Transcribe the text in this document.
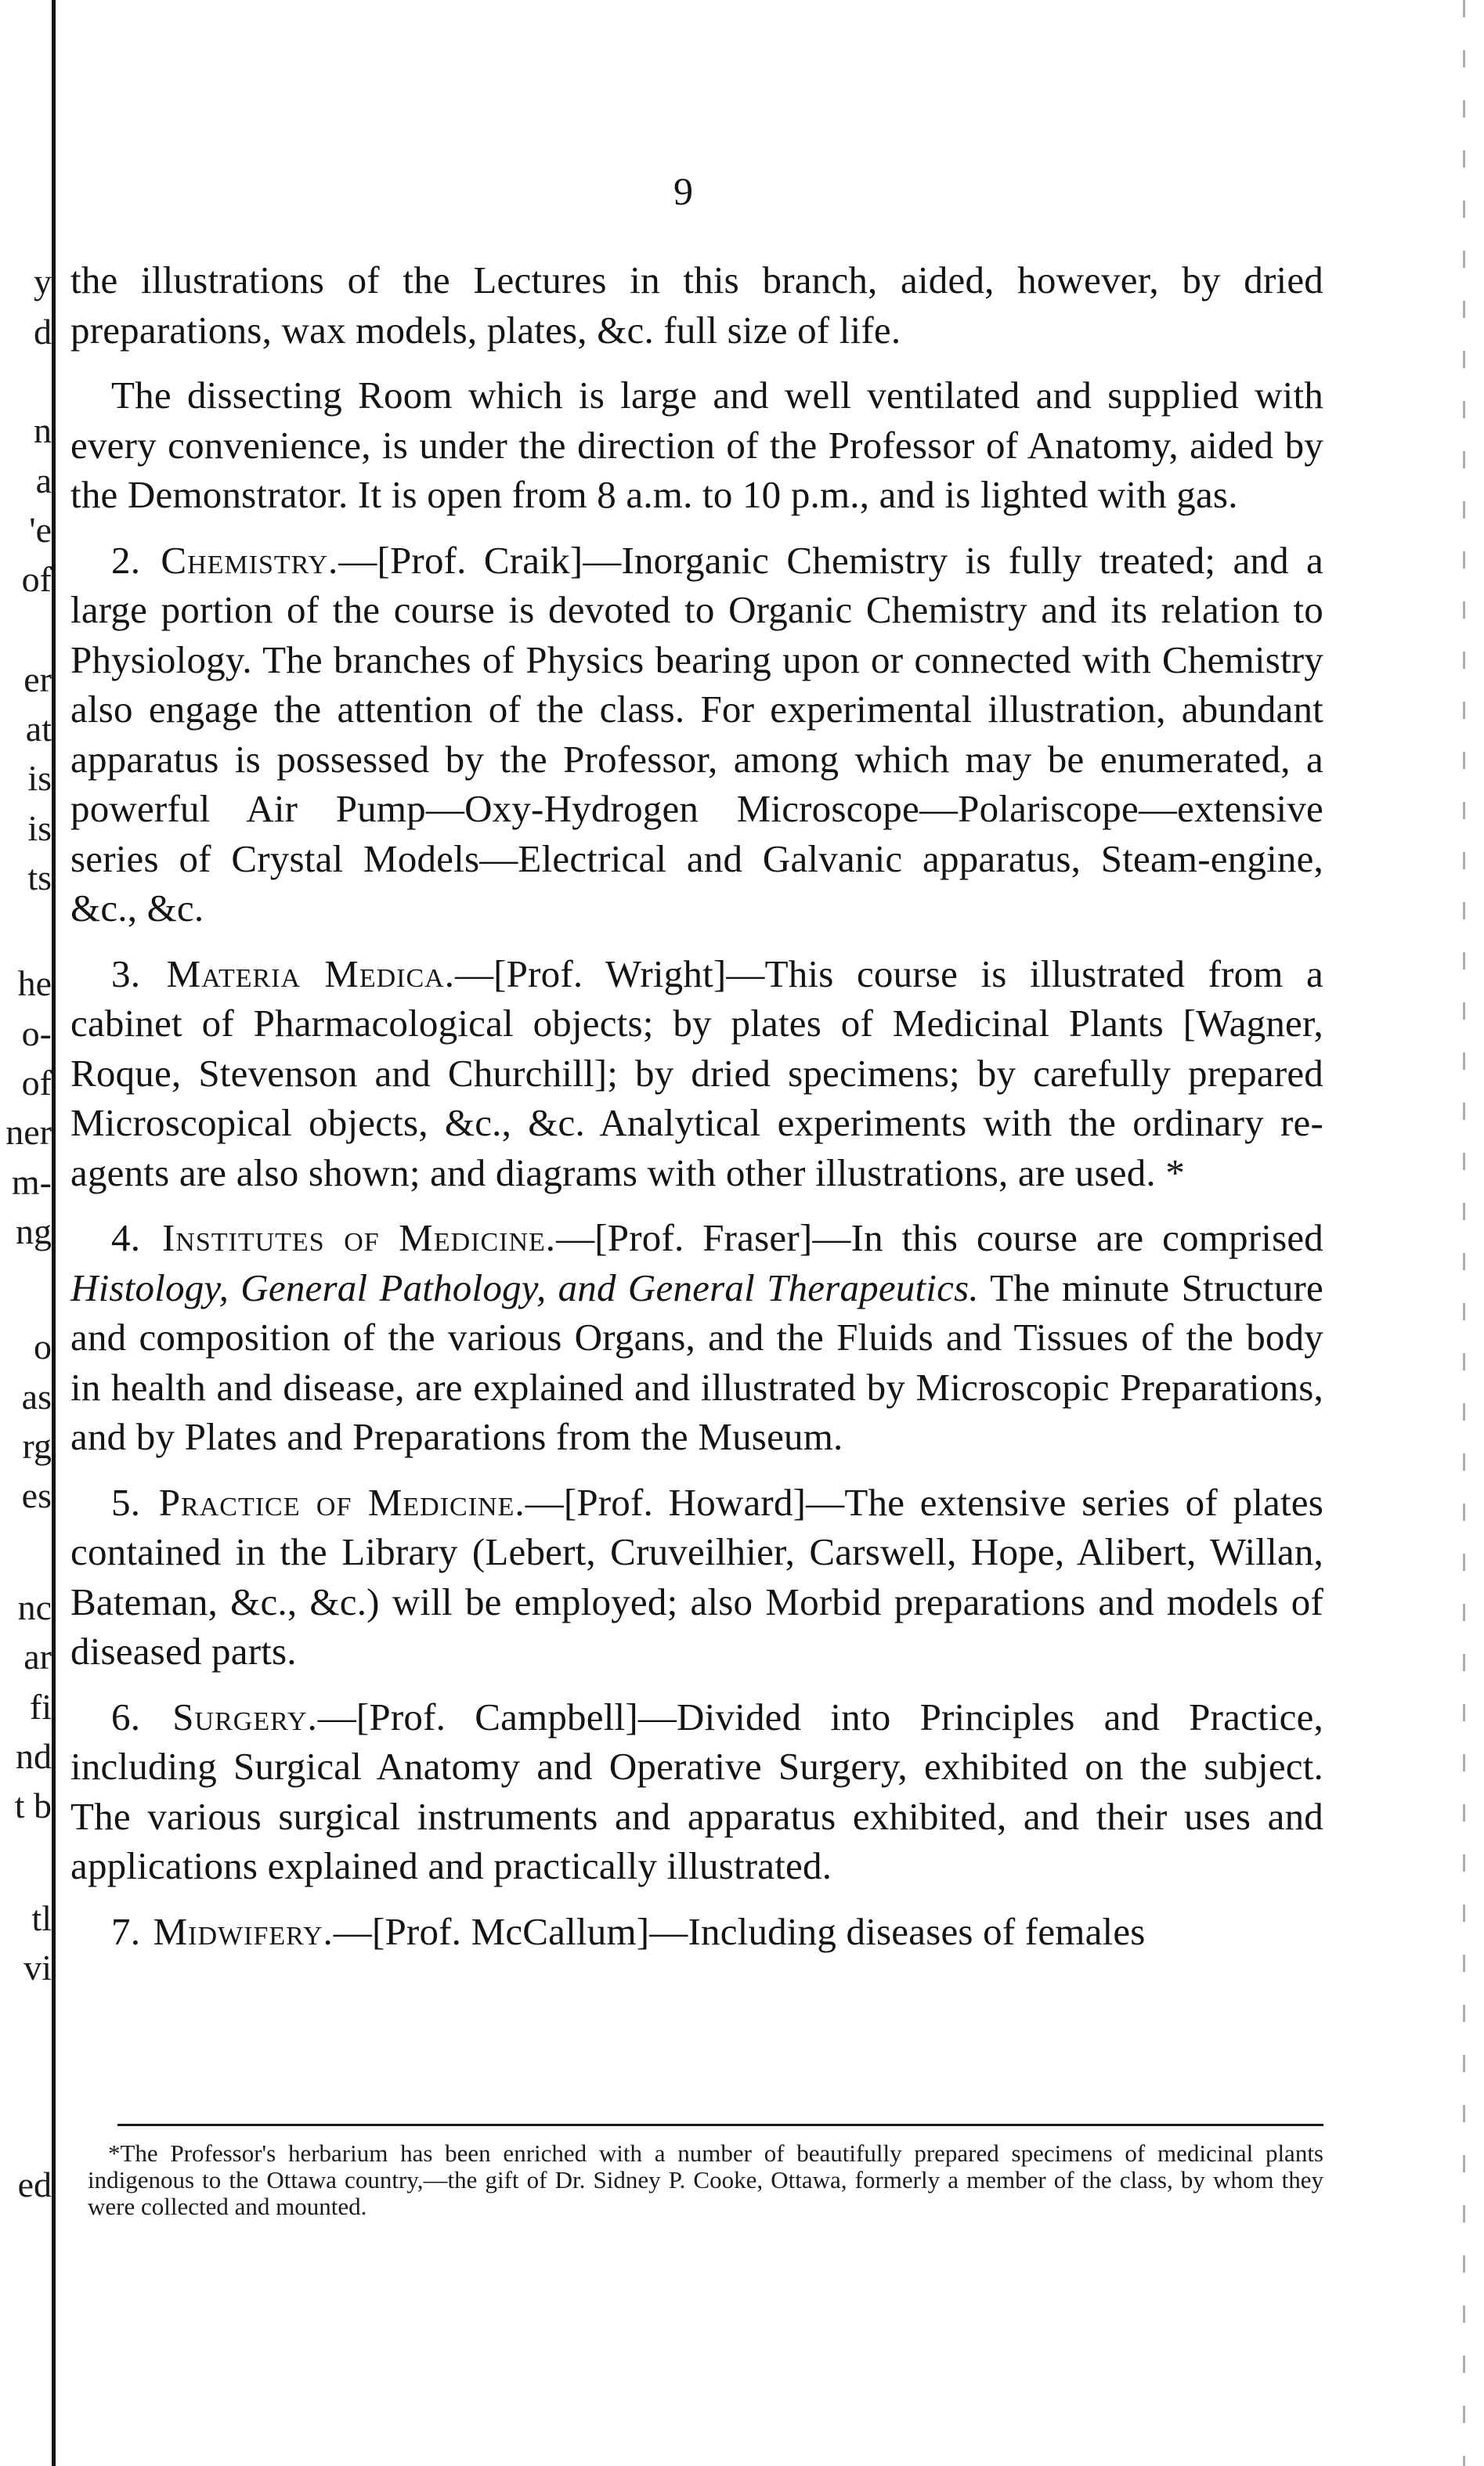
y
d
n
a
'e
of
er
at
is
is
ts
he
o-
of
ner
m-
ng
o
as
rg
es
nc
ar
fi
nd
t b
tl
vi
ed
9

the illustrations of the Lectures in this branch, aided, however, by dried preparations, wax models, plates, &c. full size of life.

The dissecting Room which is large and well ventilated and supplied with every convenience, is under the direction of the Professor of Anatomy, aided by the Demonstrator. It is open from 8 a.m. to 10 p.m., and is lighted with gas.

2. Chemistry.—[Prof. Craik]—Inorganic Chemistry is fully treated; and a large portion of the course is devoted to Organic Chemistry and its relation to Physiology. The branches of Physics bearing upon or connected with Chemistry also engage the attention of the class. For experimental illustration, abundant apparatus is possessed by the Professor, among which may be enumerated, a powerful Air Pump—Oxy-Hydrogen Microscope—Polariscope—extensive series of Crystal Models—Electrical and Galvanic apparatus, Steam-engine, &c., &c.

3. Materia Medica.—[Prof. Wright]—This course is illustrated from a cabinet of Pharmacological objects; by plates of Medicinal Plants [Wagner, Roque, Stevenson and Churchill]; by dried specimens; by carefully prepared Microscopical objects, &c., &c. Analytical experiments with the ordinary re-agents are also shown; and diagrams with other illustrations, are used. *

4. Institutes of Medicine.—[Prof. Fraser]—In this course are comprised Histology, General Pathology, and General Therapeutics. The minute Structure and composition of the various Organs, and the Fluids and Tissues of the body in health and disease, are explained and illustrated by Microscopic Preparations, and by Plates and Preparations from the Museum.

5. Practice of Medicine.—[Prof. Howard]—The extensive series of plates contained in the Library (Lebert, Cruveilhier, Carswell, Hope, Alibert, Willan, Bateman, &c., &c.) will be employed; also Morbid preparations and models of diseased parts.

6. Surgery.—[Prof. Campbell]—Divided into Principles and Practice, including Surgical Anatomy and Operative Surgery, exhibited on the subject. The various surgical instruments and apparatus exhibited, and their uses and applications explained and practically illustrated.

7. Midwifery.—[Prof. McCallum]—Including diseases of females

*The Professor's herbarium has been enriched with a number of beautifully prepared specimens of medicinal plants indigenous to the Ottawa country,—the gift of Dr. Sidney P. Cooke, Ottawa, formerly a member of the class, by whom they were collected and mounted.
